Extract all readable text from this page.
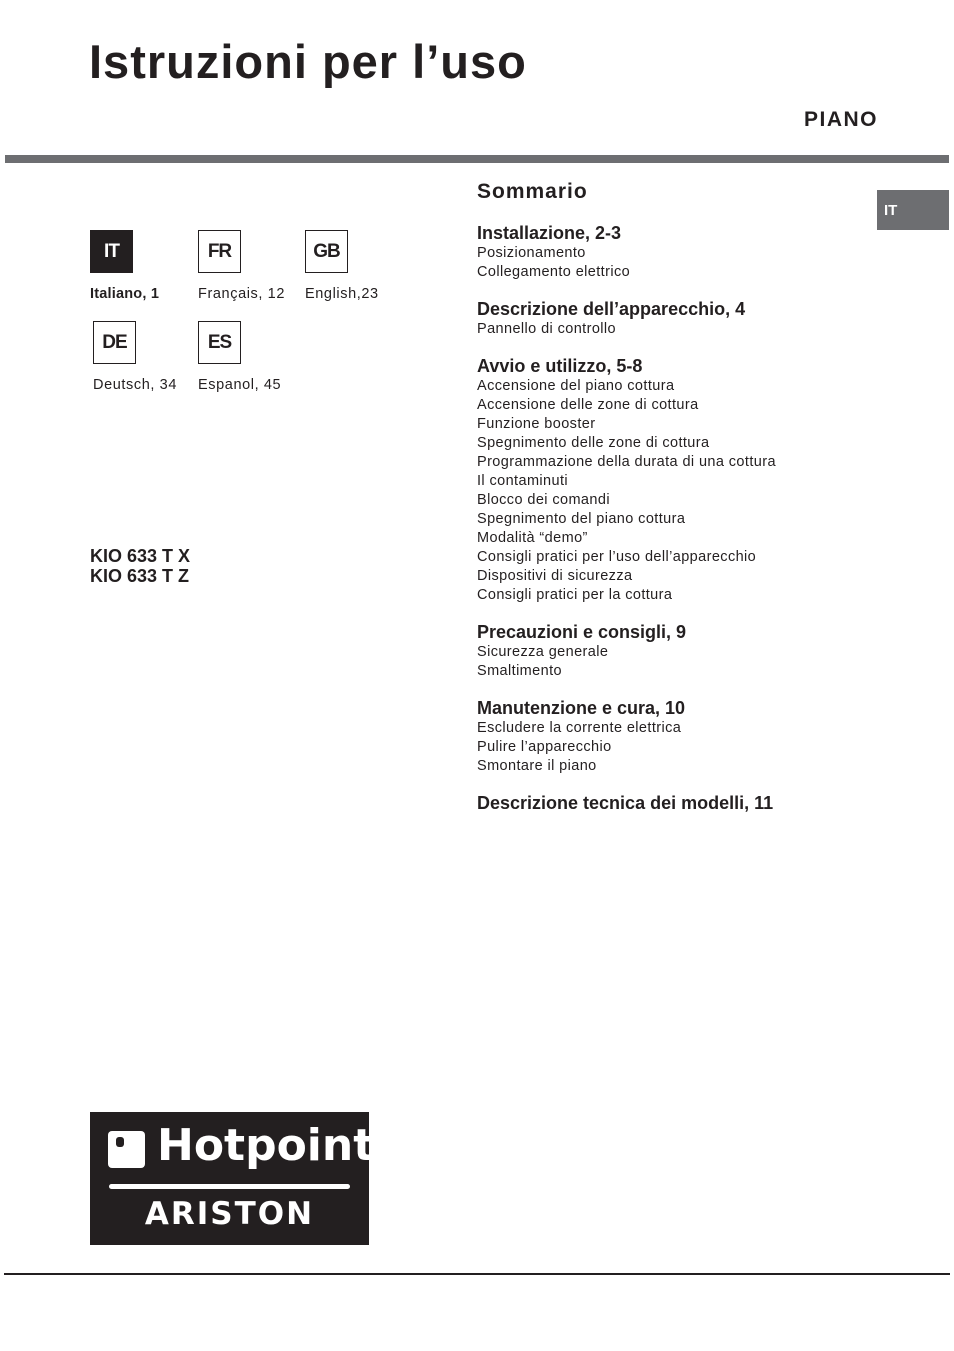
Istruzioni per l’uso
PIANO
IT
IT
Italiano, 1
FR
Français, 12
GB
English,23
DE
Deutsch, 34
ES
Espanol, 45
KIO 633 T X
KIO 633 T Z
Sommario
Installazione, 2-3
Posizionamento
Collegamento elettrico
Descrizione dell’apparecchio, 4
Pannello di controllo
Avvio e utilizzo, 5-8
Accensione del piano cottura
Accensione delle zone di cottura
Funzione booster
Spegnimento delle zone di cottura
Programmazione della durata di una cottura
Il contaminuti
Blocco dei comandi
Spegnimento del piano cottura
Modalità “demo”
Consigli pratici per l’uso dell’apparecchio
Dispositivi di sicurezza
Consigli pratici per la cottura
Precauzioni e consigli, 9
Sicurezza generale
Smaltimento
Manutenzione e cura, 10
Escludere la corrente elettrica
Pulire l’apparecchio
Smontare il piano
Descrizione tecnica dei modelli, 11
Hotpoint
ARISTON
